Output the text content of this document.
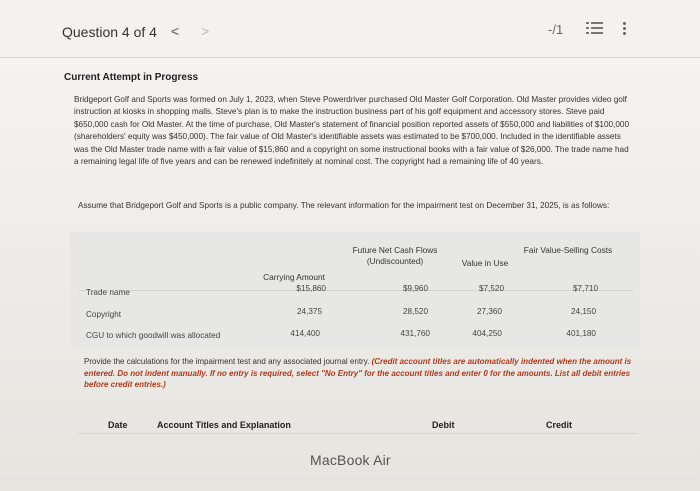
Question 4 of 4 < >	-/1
Current Attempt in Progress
Bridgeport Golf and Sports was formed on July 1, 2023, when Steve Powerdriver purchased Old Master Golf Corporation. Old Master provides video golf instruction at kiosks in shopping malls. Steve's plan is to make the instruction business part of his golf equipment and accessory stores. Steve paid $650,000 cash for Old Master. At the time of purchase, Old Master's statement of financial position reported assets of $550,000 and liabilities of $100,000 (shareholders' equity was $450,000). The fair value of Old Master's identifiable assets was estimated to be $700,000. Included in the identifiable assets was the Old Master trade name with a fair value of $15,860 and a copyright on some instructional books with a fair value of $26,000. The trade name had a remaining legal life of five years and can be renewed indefinitely at nominal cost. The copyright had a remaining life of 40 years.
Assume that Bridgeport Golf and Sports is a public company. The relevant information for the impairment test on December 31, 2025, is as follows:
Carrying Amount
Future Net Cash Flows (Undiscounted)	Value in Use
Fair Value-Selling Costs
Trade name	$15,860	$9,960	$7,520	$7,710
Copyright	24,375	28,520	27,360	24,150
CGU to which goodwill was allocated	414,400	431,760	404,250	401,180
Provide the calculations for the impairment test and any associated journal entry. (Credit account titles are automatically indented when the amount is entered. Do not indent manually. If no entry is required, select "No Entry" for the account titles and enter 0 for the amounts. List all debit entries before credit entries.)
Date	Account Titles and Explanation	Debit	Credit
MacBook Air
